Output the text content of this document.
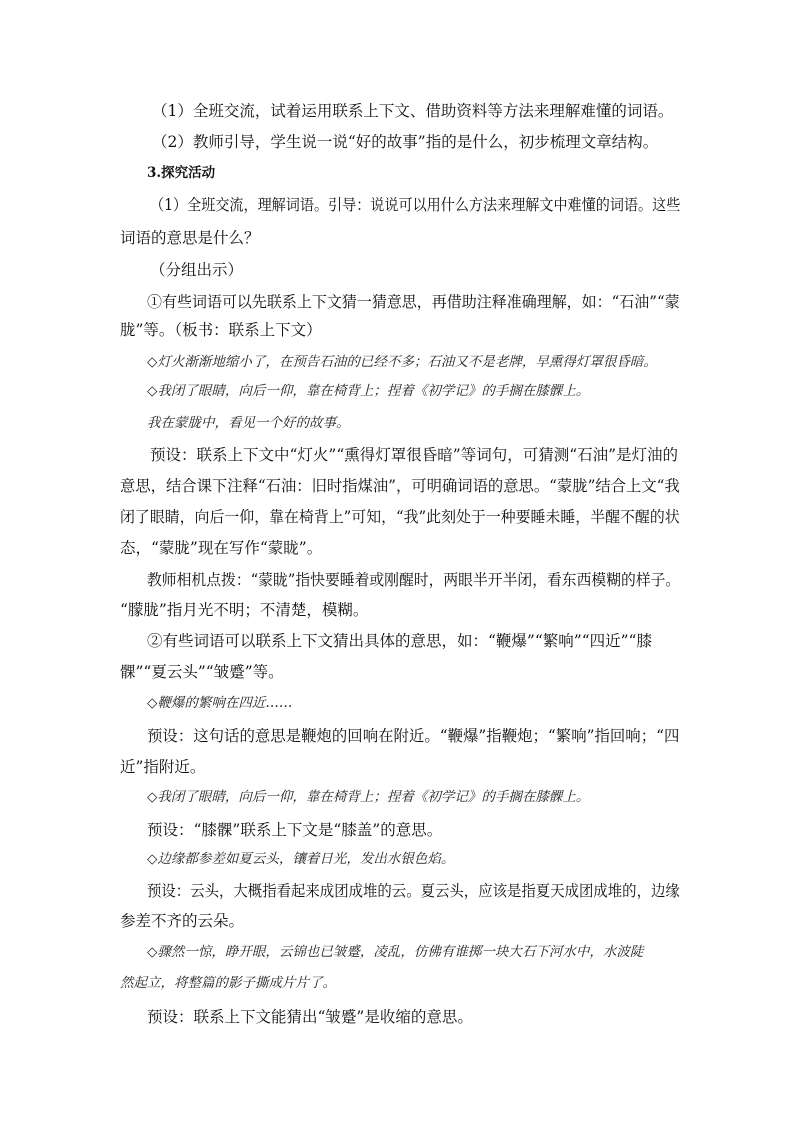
（1）全班交流，试着运用联系上下文、借助资料等方法来理解难懂的词语。
（2）教师引导，学生说一说“好的故事”指的是什么，初步梳理文章结构。
3.探究活动
（1）全班交流，理解词语。引导：说说可以用什么方法来理解文中难懂的词语。这些
词语的意思是什么？
（分组出示）
①有些词语可以先联系上下文猜一猜意思，再借助注释准确理解，如：“石油”“蒙
胧”等。（板书：联系上下文）
◇灯火渐渐地缩小了，在预告石油的已经不多；石油又不是老牌，早熏得灯罩很昏暗。
◇我闭了眼睛，向后一仰，靠在椅背上；捏着《初学记》的手搁在膝髁上。
我在蒙胧中，看见一个好的故事。
预设：联系上下文中“灯火”“熏得灯罩很昏暗”等词句，可猜测“石油”是灯油的
意思，结合课下注释“石油：旧时指煤油”，可明确词语的意思。“蒙胧”结合上文“我
闭了眼睛，向后一仰，靠在椅背上”可知，“我”此刻处于一种要睡未睡，半醒不醒的状
态，“蒙胧”现在写作“蒙眬”。
教师相机点拨：“蒙眬”指快要睡着或刚醒时，两眼半开半闭，看东西模糊的样子。
“朦胧”指月光不明；不清楚，模糊。
②有些词语可以联系上下文猜出具体的意思，如：“鞭爆”“繁响”“四近”“膝
髁”“夏云头”“皱蹙”等。
◇鞭爆的繁响在四近……
预设：这句话的意思是鞭炮的回响在附近。“鞭爆”指鞭炮；“繁响”指回响；“四
近”指附近。
◇我闭了眼睛，向后一仰，靠在椅背上；捏着《初学记》的手搁在膝髁上。
预设：“膝髁”联系上下文是“膝盖”的意思。
◇边缘都参差如夏云头，镶着日光，发出水银色焰。
预设：云头，大概指看起来成团成堆的云。夏云头，应该是指夏天成团成堆的，边缘
参差不齐的云朵。
◇骤然一惊，睁开眼，云锦也已皱蹙，凌乱，仿佛有谁掷一块大石下河水中，水波陡
然起立，将整篇的影子撕成片片了。
预设：联系上下文能猜出“皱蹙”是收缩的意思。
